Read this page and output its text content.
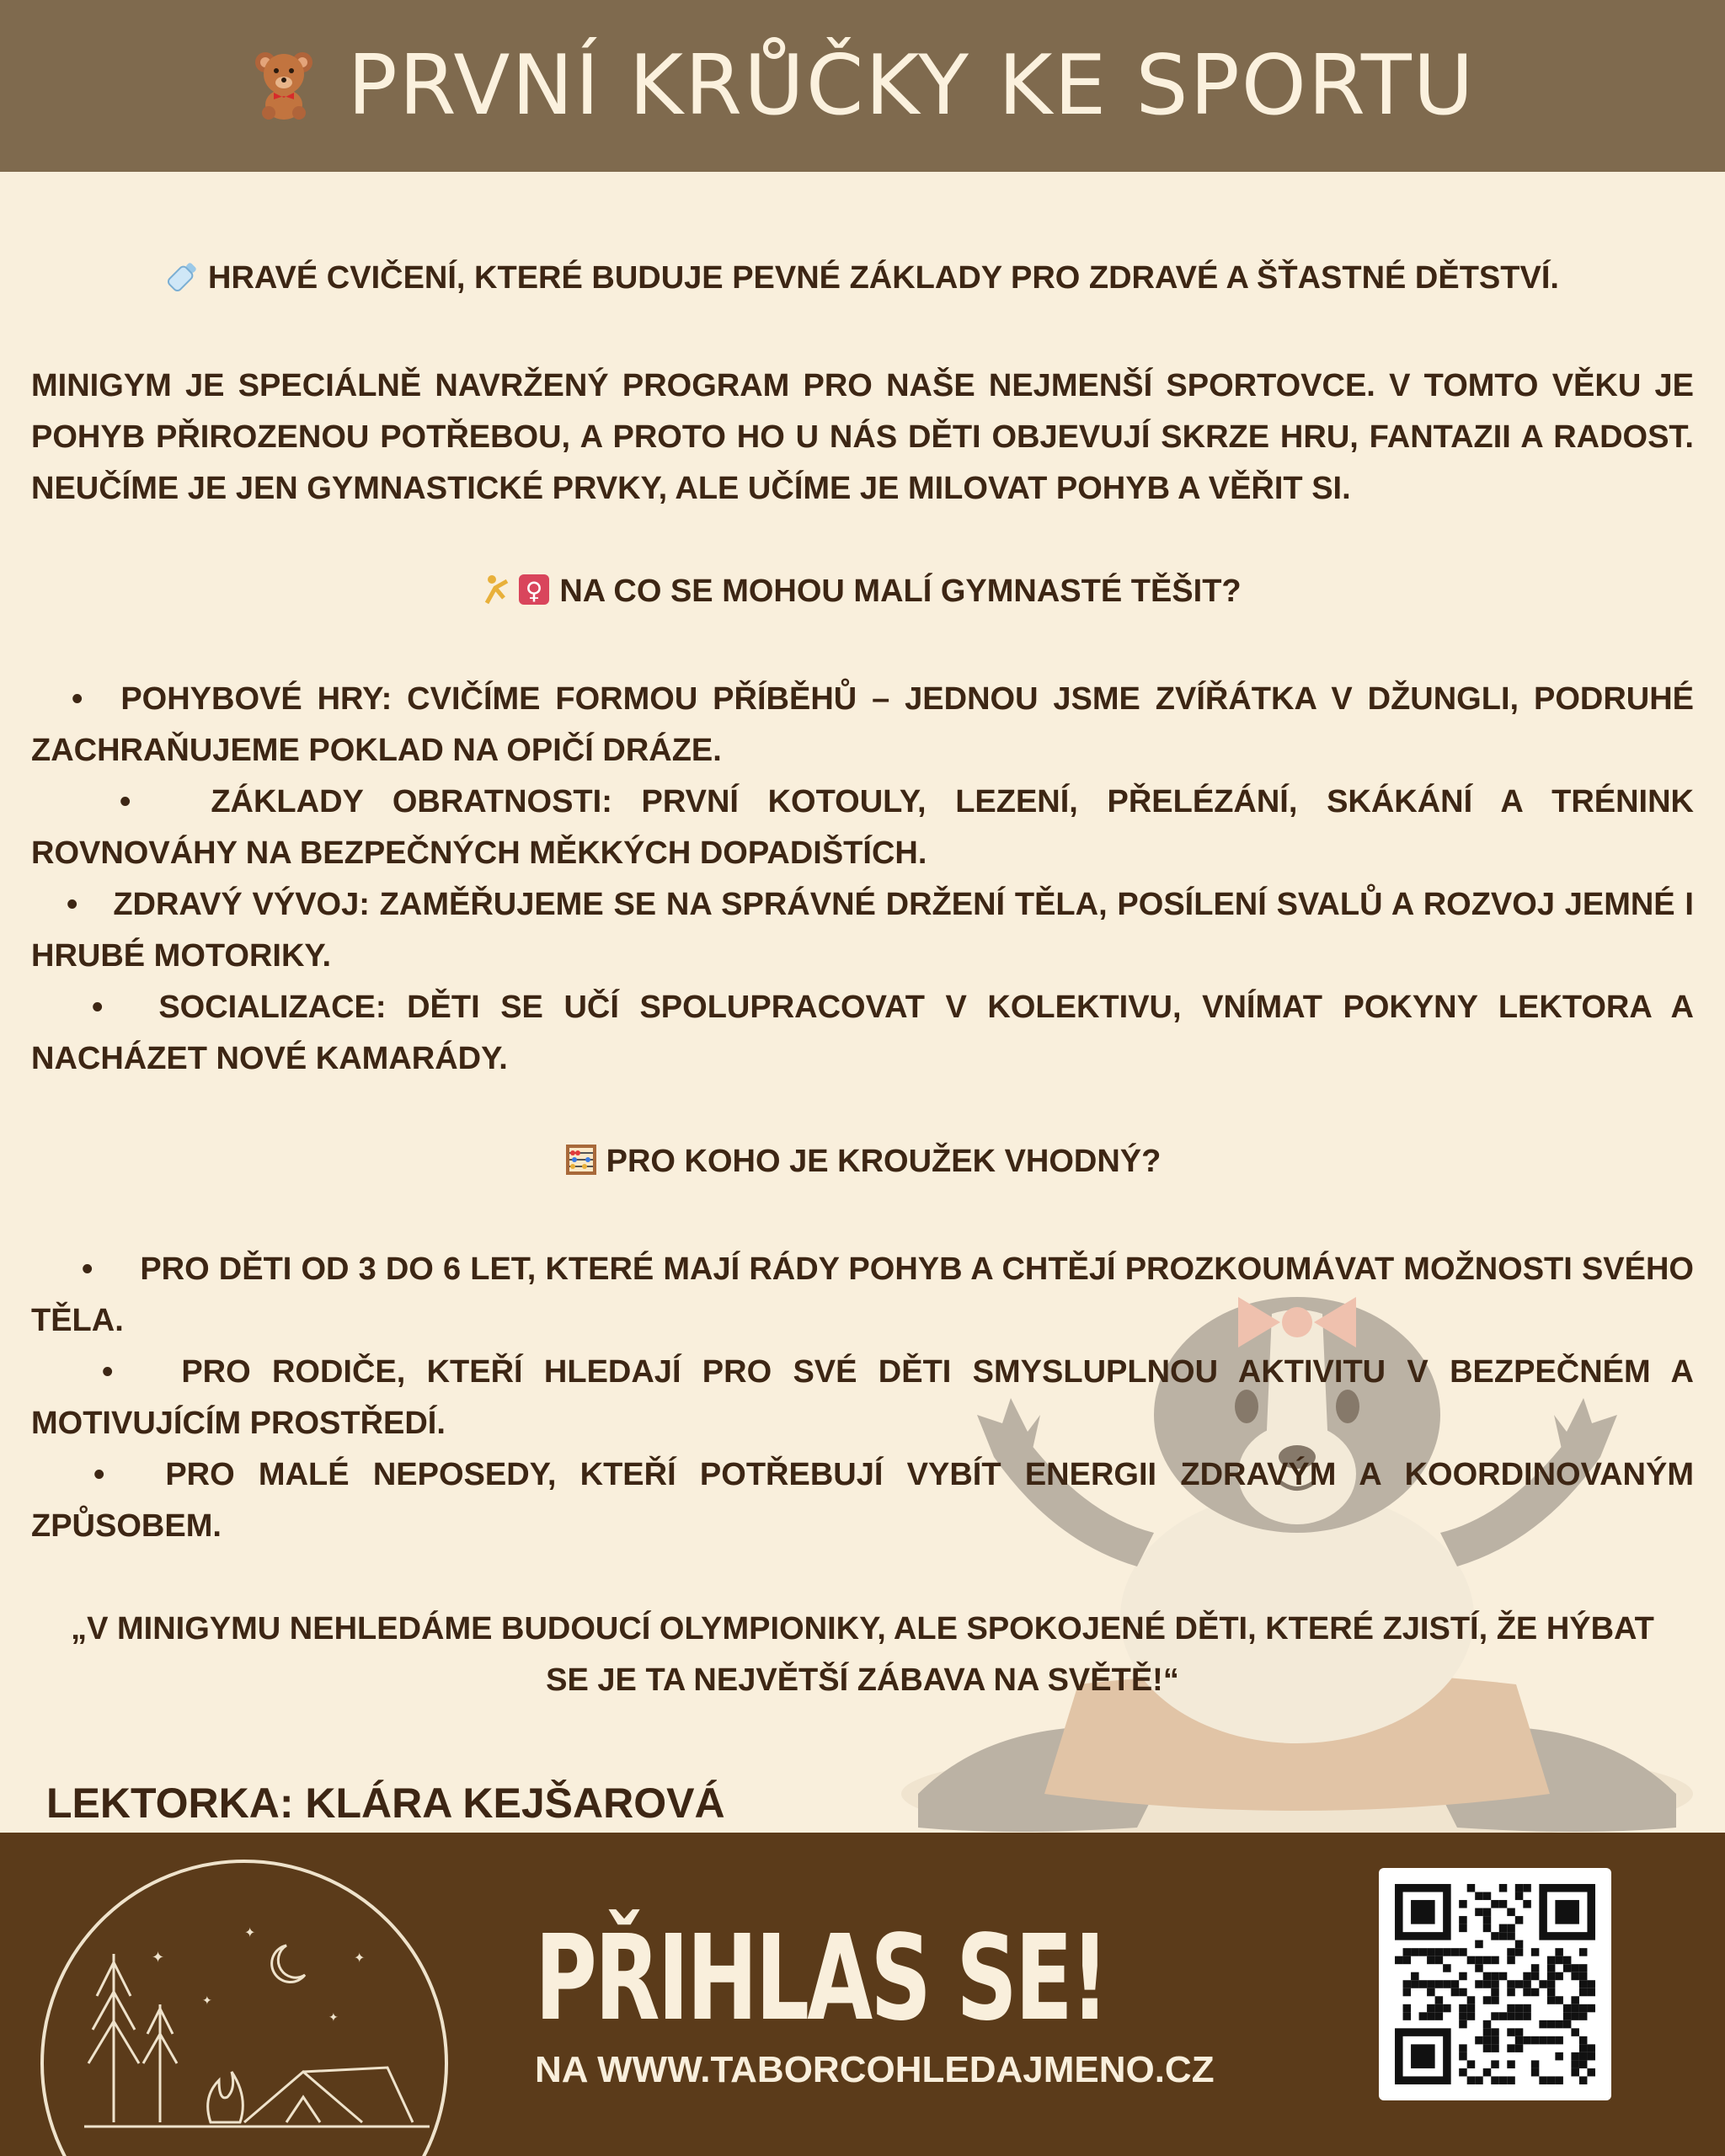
PRVNÍ KRŮČKY KE SPORTU

HRAVÉ CVIČENÍ, KTERÉ BUDUJE PEVNÉ ZÁKLADY PRO ZDRAVÉ A ŠŤASTNÉ DĚTSTVÍ.

MINIGYM JE SPECIÁLNĚ NAVRŽENÝ PROGRAM PRO NAŠE NEJMENŠÍ SPORTOVCE. V TOMTO VĚKU JE POHYB PŘIROZENOU POTŘEBOU, A PROTO HO U NÁS DĚTI OBJEVUJÍ SKRZE HRU, FANTAZII A RADOST. NEUČÍME JE JEN GYMNASTICKÉ PRVKY, ALE UČÍME JE MILOVAT POHYB A VĚŘIT SI.

♀ NA CO SE MOHOU MALÍ GYMNASTÉ TĚŠIT?

• POHYBOVÉ HRY: CVIČÍME FORMOU PŘÍBĚHŮ – JEDNOU JSME ZVÍŘÁTKA V DŽUNGLI, PODRUHÉ ZACHRAŇUJEME POKLAD NA OPIČÍ DRÁZE.

•	ZÁKLADY OBRATNOSTI: PRVNÍ KOTOULY, LEZENÍ, PŘELÉZÁNÍ, SKÁKÁNÍ A TRÉNINK ROVNOVÁHY NA BEZPEČNÝCH MĚKKÝCH DOPADIŠTÍCH.

• ZDRAVÝ VÝVOJ: ZAMĚŘUJEME SE NA SPRÁVNÉ DRŽENÍ TĚLA, POSÍLENÍ SVALŮ A ROZVOJ JEMNÉ I HRUBÉ MOTORIKY.

• SOCIALIZACE: DĚTI SE UČÍ SPOLUPRACOVAT V KOLEKTIVU, VNÍMAT POKYNY LEKTORA A NACHÁZET NOVÉ KAMARÁDY.

PRO KOHO JE KROUŽEK VHODNÝ?

• PRO DĚTI OD 3 DO 6 LET, KTERÉ MAJÍ RÁDY POHYB A CHTĚJÍ PROZKOUMÁVAT MOŽNOSTI SVÉHO TĚLA.

• PRO RODIČE, KTEŘÍ HLEDAJÍ PRO SVÉ DĚTI SMYSLUPLNOU AKTIVITU V BEZPEČNÉM A MOTIVUJÍCÍM PROSTŘEDÍ.

• PRO MALÉ NEPOSEDY, KTEŘÍ POTŘEBUJÍ VYBÍT ENERGII ZDRAVÝM A KOORDINOVANÝM ZPŮSOBEM.

„V MINIGYMU NEHLEDÁME BUDOUCÍ OLYMPIONIKY, ALE SPOKOJENÉ DĚTI, KTERÉ ZJISTÍ, ŽE HÝBAT SE JE TA NEJVĚTŠÍ ZÁBAVA NA SVĚTĚ!“

LEKTORKA: KLÁRA KEJŠAROVÁ
✦
✦
✦
✦
✦ PŘIHLAS SE!
NA WWW.TABORCOHLEDAJMENO.CZ
